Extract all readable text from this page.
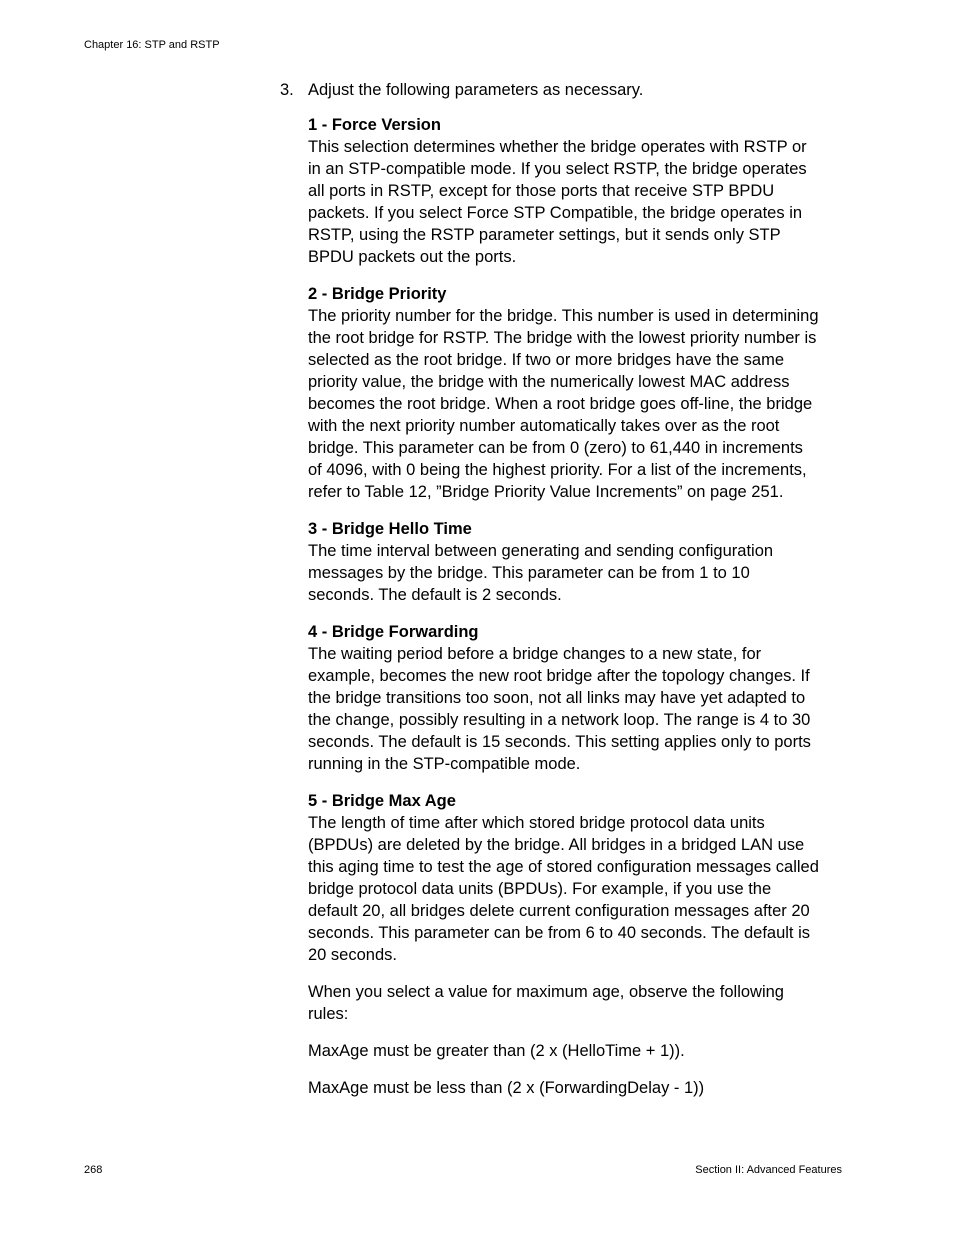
Chapter 16: STP and RSTP
3. Adjust the following parameters as necessary.
1 - Force Version
This selection determines whether the bridge operates with RSTP or in an STP-compatible mode. If you select RSTP, the bridge operates all ports in RSTP, except for those ports that receive STP BPDU packets. If you select Force STP Compatible, the bridge operates in RSTP, using the RSTP parameter settings, but it sends only STP BPDU packets out the ports.
2 - Bridge Priority
The priority number for the bridge. This number is used in determining the root bridge for RSTP. The bridge with the lowest priority number is selected as the root bridge. If two or more bridges have the same priority value, the bridge with the numerically lowest MAC address becomes the root bridge. When a root bridge goes off-line, the bridge with the next priority number automatically takes over as the root bridge. This parameter can be from 0 (zero) to 61,440 in increments of 4096, with 0 being the highest priority. For a list of the increments, refer to Table 12, ”Bridge Priority Value Increments” on page 251.
3 - Bridge Hello Time
The time interval between generating and sending configuration messages by the bridge. This parameter can be from 1 to 10 seconds. The default is 2 seconds.
4 - Bridge Forwarding
The waiting period before a bridge changes to a new state, for example, becomes the new root bridge after the topology changes. If the bridge transitions too soon, not all links may have yet adapted to the change, possibly resulting in a network loop. The range is 4 to 30 seconds. The default is 15 seconds. This setting applies only to ports running in the STP-compatible mode.
5 - Bridge Max Age
The length of time after which stored bridge protocol data units (BPDUs) are deleted by the bridge. All bridges in a bridged LAN use this aging time to test the age of stored configuration messages called bridge protocol data units (BPDUs). For example, if you use the default 20, all bridges delete current configuration messages after 20 seconds. This parameter can be from 6 to 40 seconds. The default is 20 seconds.

When you select a value for maximum age, observe the following rules:

MaxAge must be greater than (2 x (HelloTime + 1)).

MaxAge must be less than (2 x (ForwardingDelay - 1))

268	Section II: Advanced Features
